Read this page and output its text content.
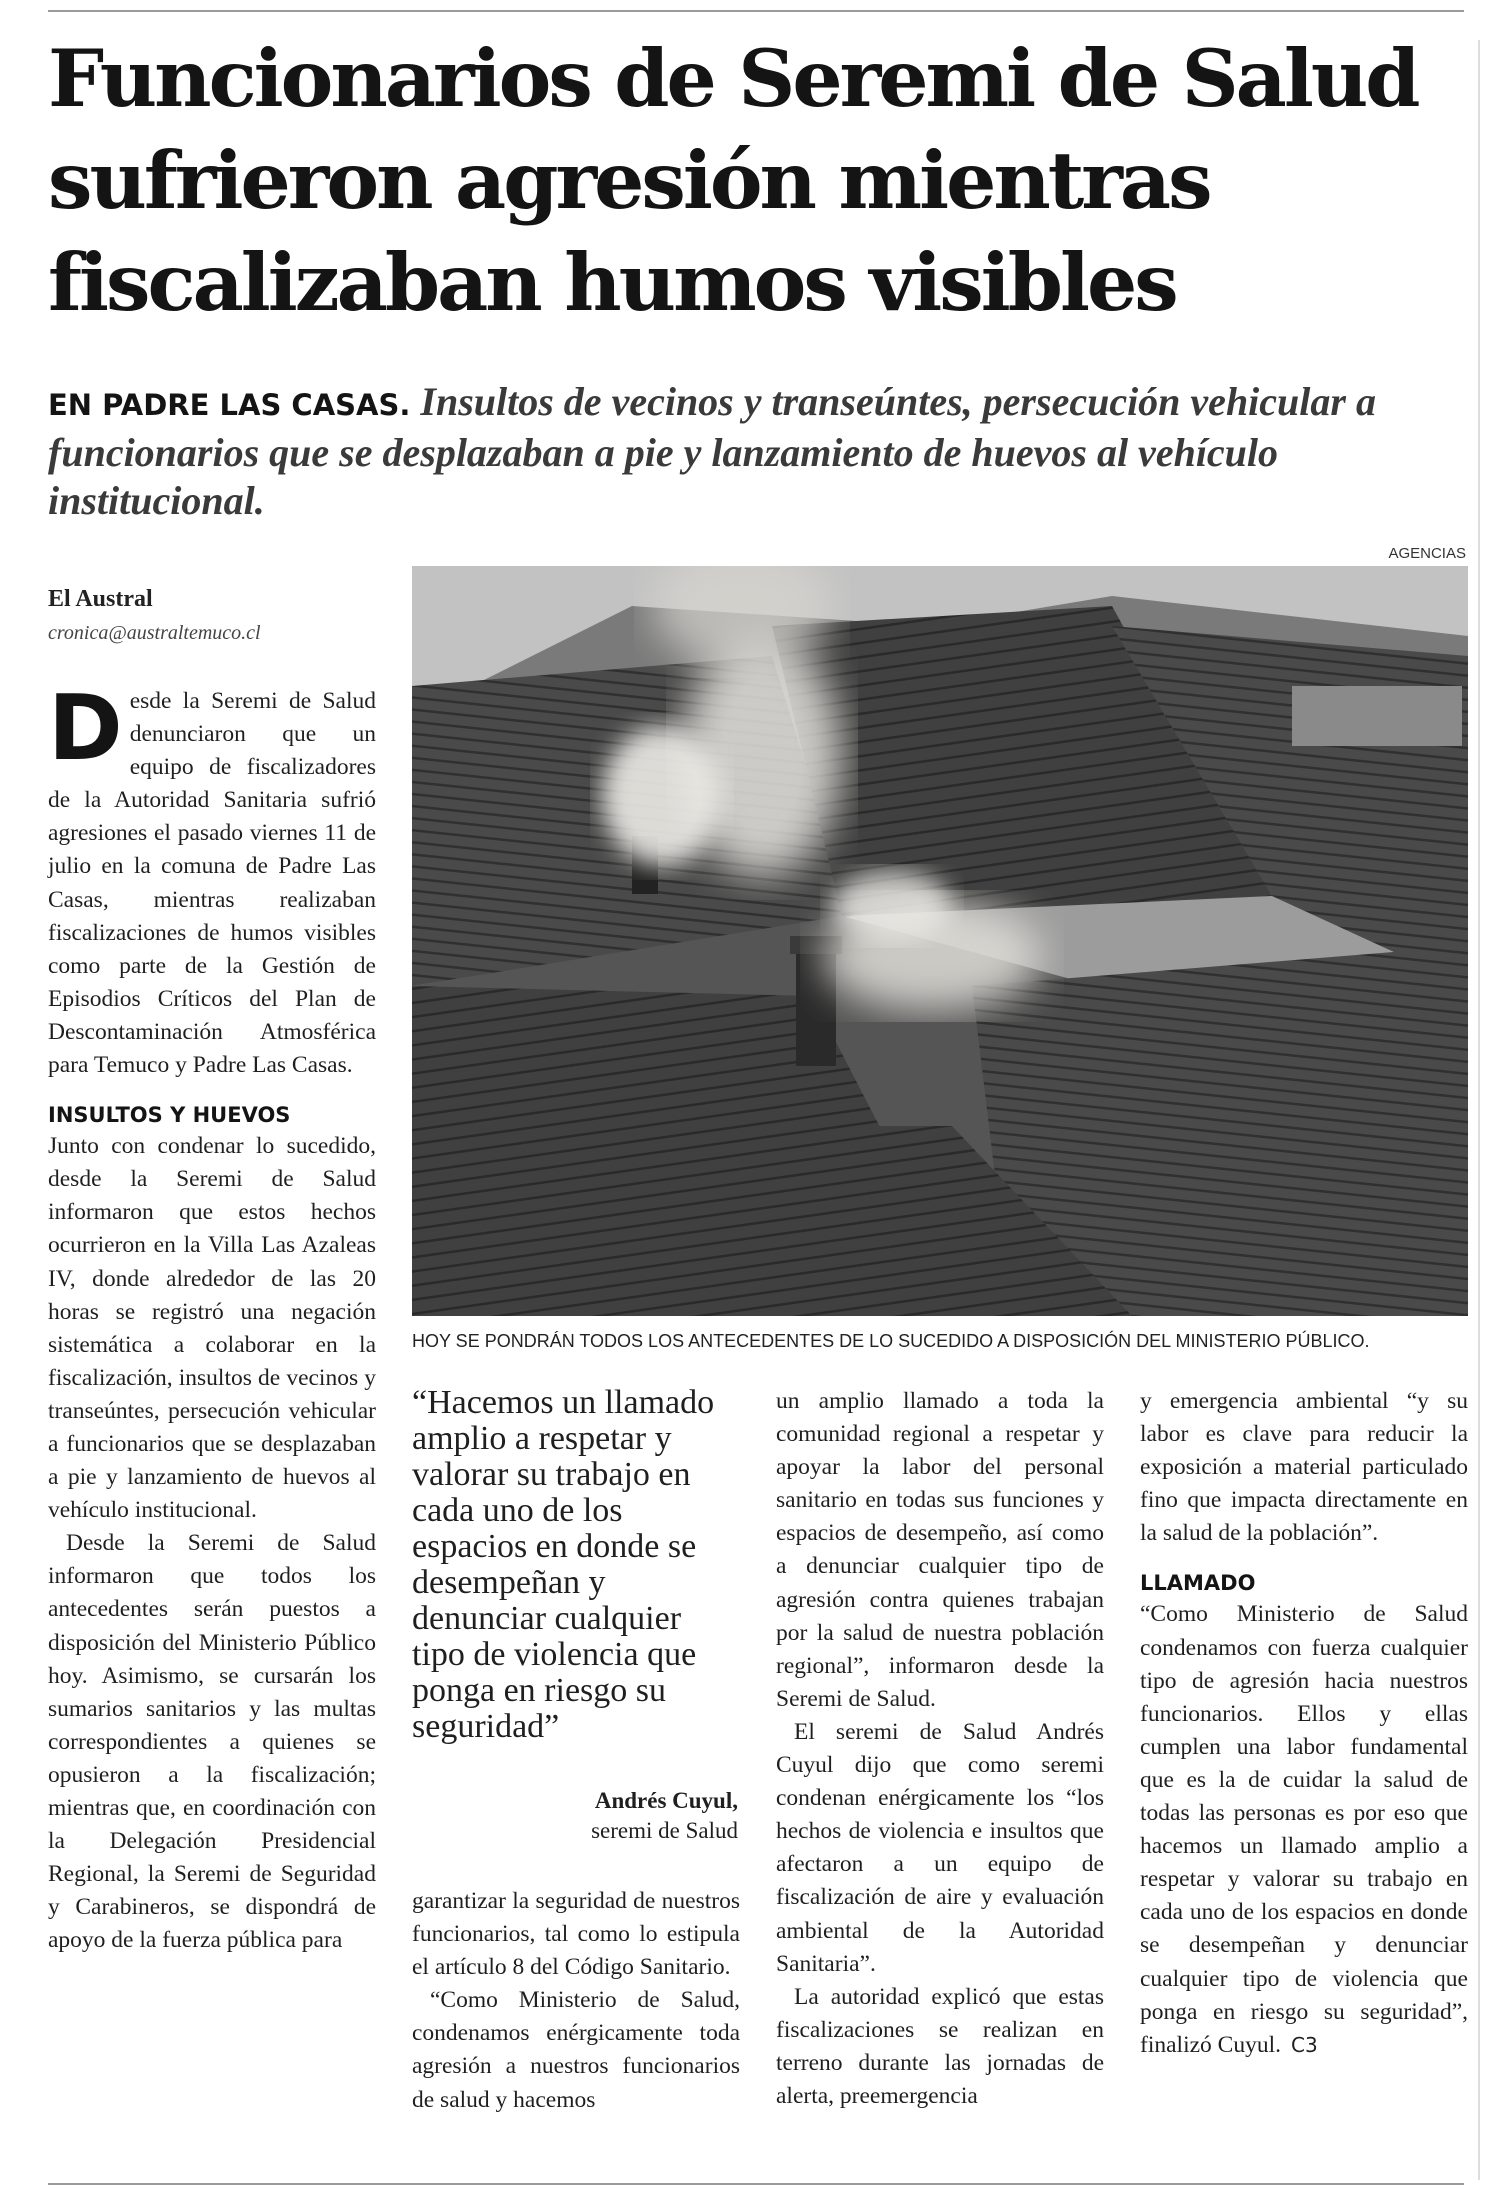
Funcionarios de Seremi de Salud
sufrieron agresión mientras
fiscalizaban humos visibles

EN PADRE LAS CASAS. Insultos de vecinos y transeúntes, persecución vehicular a funcionarios que se desplazaban a pie y lanzamiento de huevos al vehículo institucional.

AGENCIAS
HOY SE PONDRÁN TODOS LOS ANTECEDENTES DE LO SUCEDIDO A DISPOSICIÓN DEL MINISTERIO PÚBLICO.
El Austral
cronica@australtemuco.cl

Desde la Seremi de Salud denunciaron que un equipo de fiscalizadores de la Autoridad Sanitaria sufrió agresiones el pasado viernes 11 de julio en la comuna de Padre Las Casas, mientras realizaban fiscalizaciones de humos visibles como parte de la Gestión de Episodios Críticos del Plan de Descontaminación Atmosférica para Temuco y Padre Las Casas.

INSULTOS Y HUEVOS

Junto con condenar lo sucedido, desde la Seremi de Salud informaron que estos hechos ocurrieron en la Villa Las Azaleas IV, donde alrededor de las 20 horas se registró una negación sistemática a colaborar en la fiscalización, insultos de vecinos y transeúntes, persecución vehicular a funcionarios que se desplazaban a pie y lanzamiento de huevos al vehículo institucional.

Desde la Seremi de Salud informaron que todos los antecedentes serán puestos a disposición del Ministerio Público hoy. Asimismo, se cursarán los sumarios sanitarios y las multas correspondientes a quienes se opusieron a la fiscalización; mientras que, en coordinación con la Delegación Presidencial Regional, la Seremi de Seguridad y Carabineros, se dispondrá de apoyo de la fuerza pública para

“Hacemos un llamado amplio a respetar y valorar su trabajo en cada uno de los espacios en donde se desempeñan y denunciar cualquier tipo de violencia que ponga en riesgo su seguridad”
Andrés Cuyul,
seremi de Salud

garantizar la seguridad de nuestros funcionarios, tal como lo estipula el artículo 8 del Código Sanitario.

“Como Ministerio de Salud, condenamos enérgicamente toda agresión a nuestros funcionarios de salud y hacemos

un amplio llamado a toda la comunidad regional a respetar y apoyar la labor del personal sanitario en todas sus funciones y espacios de desempeño, así como a denunciar cualquier tipo de agresión contra quienes trabajan por la salud de nuestra población regional”, informaron desde la Seremi de Salud.

El seremi de Salud Andrés Cuyul dijo que como seremi condenan enérgicamente los “los hechos de violencia e insultos que afectaron a un equipo de fiscalización de aire y evaluación ambiental de la Autoridad Sanitaria”.

La autoridad explicó que estas fiscalizaciones se realizan en terreno durante las jornadas de alerta, preemergencia

y emergencia ambiental “y su labor es clave para reducir la exposición a material particulado fino que impacta directamente en la salud de la población”.

LLAMADO

“Como Ministerio de Salud condenamos con fuerza cualquier tipo de agresión hacia nuestros funcionarios. Ellos y ellas cumplen una labor fundamental que es la de cuidar la salud de todas las personas es por eso que hacemos un llamado amplio a respetar y valorar su trabajo en cada uno de los espacios en donde se desempeñan y denunciar cualquier tipo de violencia que ponga en riesgo su seguridad”, finalizó Cuyul. C3
